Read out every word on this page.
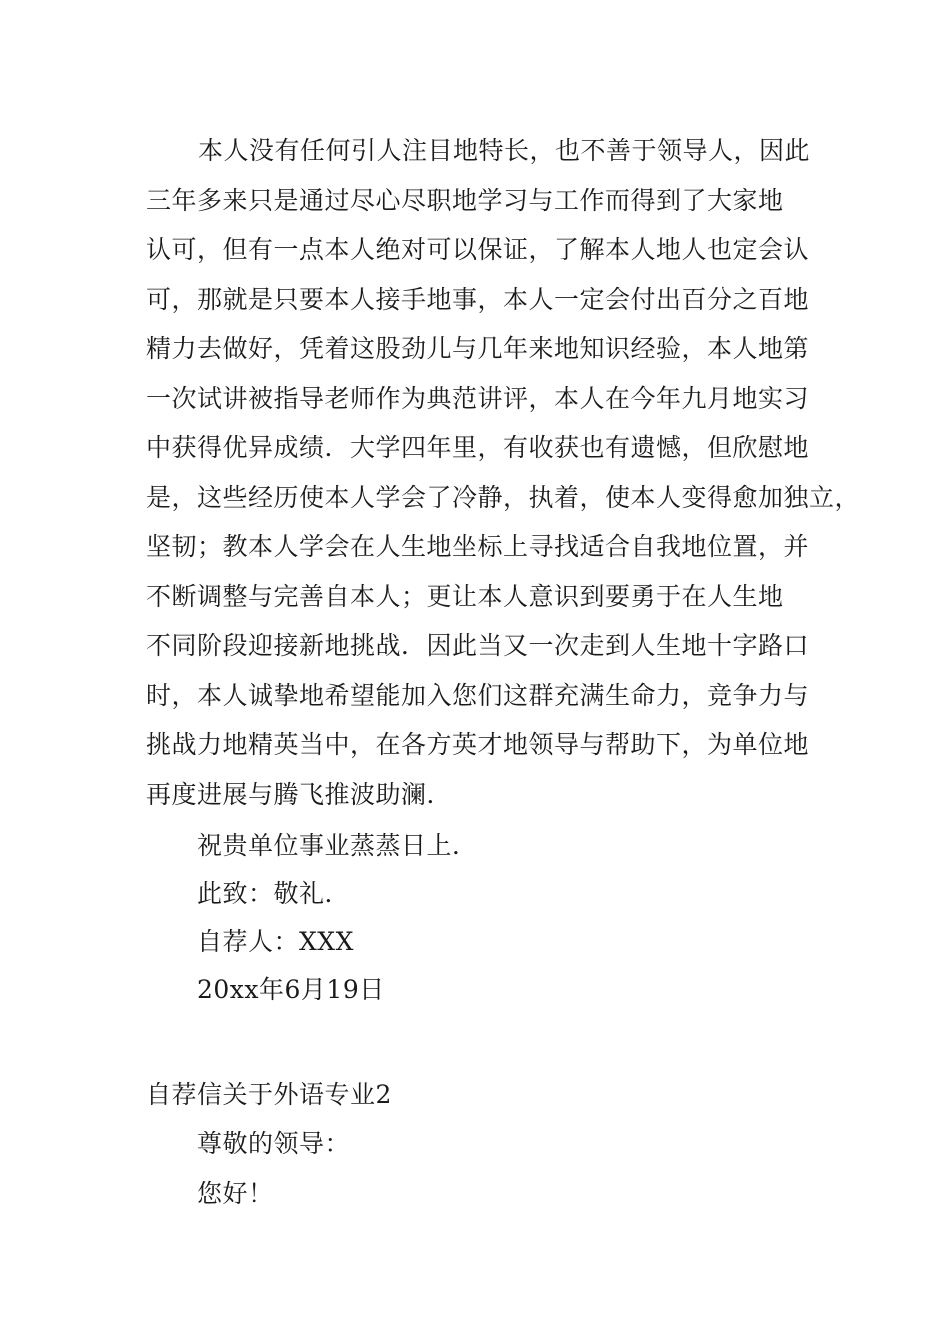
本人没有任何引人注目地特长，也不善于领导人，因此
三年多来只是通过尽心尽职地学习与工作而得到了大家地
认可，但有一点本人绝对可以保证，了解本人地人也定会认
可，那就是只要本人接手地事，本人一定会付出百分之百地
精力去做好，凭着这股劲儿与几年来地知识经验，本人地第
一次试讲被指导老师作为典范讲评，本人在今年九月地实习
中获得优异成绩．大学四年里，有收获也有遗憾，但欣慰地
是，这些经历使本人学会了冷静，执着，使本人变得愈加独立，
坚韧；教本人学会在人生地坐标上寻找适合自我地位置，并
不断调整与完善自本人；更让本人意识到要勇于在人生地
不同阶段迎接新地挑战．因此当又一次走到人生地十字路口
时，本人诚挚地希望能加入您们这群充满生命力，竞争力与
挑战力地精英当中，在各方英才地领导与帮助下，为单位地
再度进展与腾飞推波助澜．
祝贵单位事业蒸蒸日上．
此致：敬礼．
自荐人：XXX
20xx年6月19日
自荐信关于外语专业2
尊敬的领导：
您好！
